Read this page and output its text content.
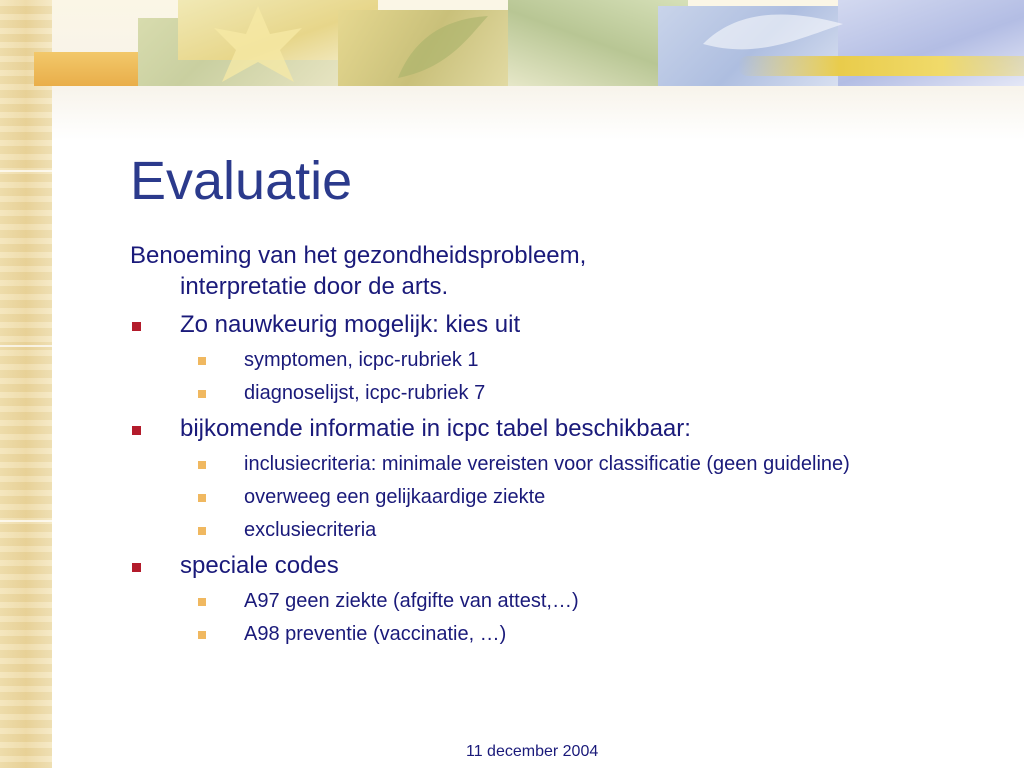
Evaluatie
Benoeming van het gezondheidsprobleem,
interpretatie door de arts.
Zo nauwkeurig mogelijk: kies uit
symptomen, icpc-rubriek 1
diagnoselijst, icpc-rubriek 7
bijkomende informatie in icpc tabel beschikbaar:
inclusiecriteria: minimale vereisten voor classificatie (geen guideline)
overweeg een gelijkaardige ziekte
exclusiecriteria
speciale codes
A97 geen ziekte (afgifte van attest,…)
A98 preventie (vaccinatie, …)
11 december 2004
